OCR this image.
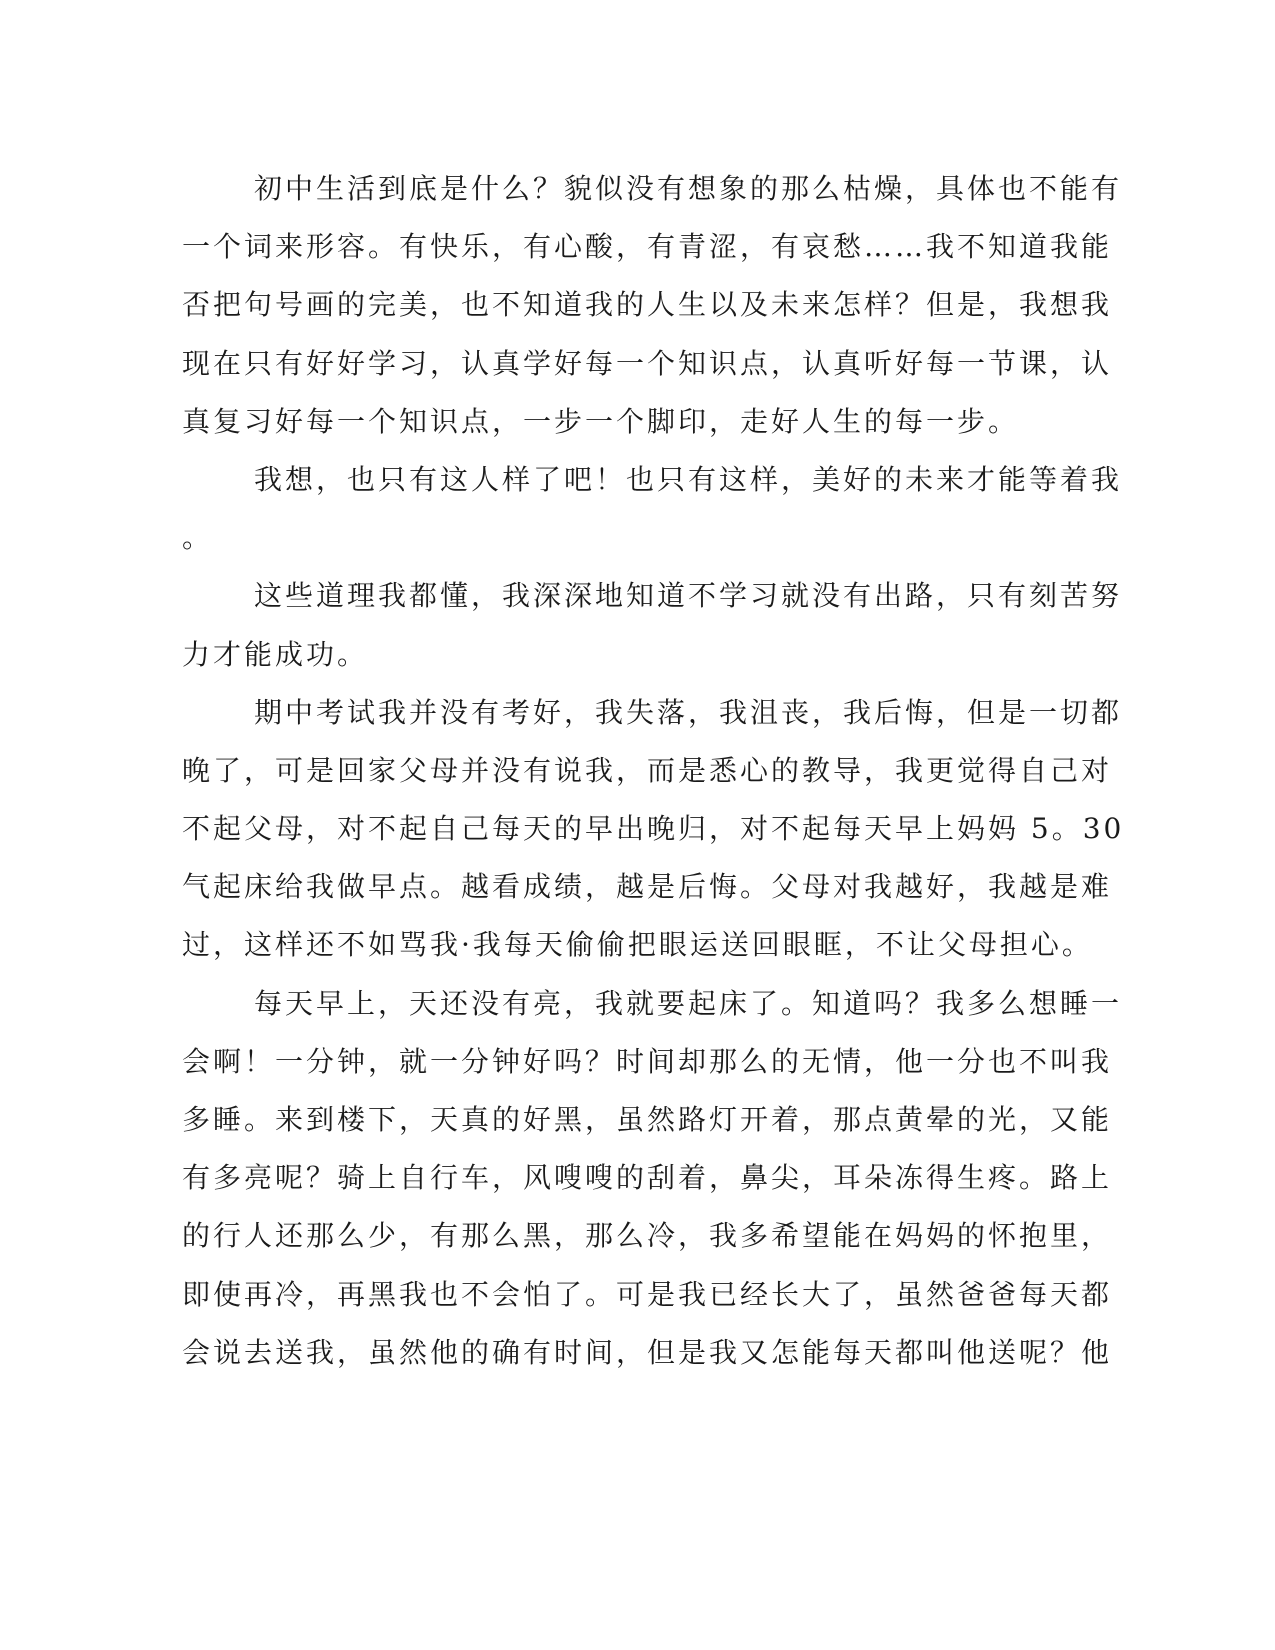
初中生活到底是什么？貌似没有想象的那么枯燥，具体也不能有
一个词来形容。有快乐，有心酸，有青涩，有哀愁……我不知道我能
否把句号画的完美，也不知道我的人生以及未来怎样？但是，我想我
现在只有好好学习，认真学好每一个知识点，认真听好每一节课，认
真复习好每一个知识点，一步一个脚印，走好人生的每一步。
我想，也只有这人样了吧！也只有这样，美好的未来才能等着我
。
这些道理我都懂，我深深地知道不学习就没有出路，只有刻苦努
力才能成功。
期中考试我并没有考好，我失落，我沮丧，我后悔，但是一切都
晚了，可是回家父母并没有说我，而是悉心的教导，我更觉得自己对
不起父母，对不起自己每天的早出晚归，对不起每天早上妈妈 5。30
气起床给我做早点。越看成绩，越是后悔。父母对我越好，我越是难
过，这样还不如骂我·我每天偷偷把眼运送回眼眶，不让父母担心。
每天早上，天还没有亮，我就要起床了。知道吗？我多么想睡一
会啊！一分钟，就一分钟好吗？时间却那么的无情，他一分也不叫我
多睡。来到楼下，天真的好黑，虽然路灯开着，那点黄晕的光，又能
有多亮呢？骑上自行车，风嗖嗖的刮着，鼻尖，耳朵冻得生疼。路上
的行人还那么少，有那么黑，那么冷，我多希望能在妈妈的怀抱里，
即使再冷，再黑我也不会怕了。可是我已经长大了，虽然爸爸每天都
会说去送我，虽然他的确有时间，但是我又怎能每天都叫他送呢？他
